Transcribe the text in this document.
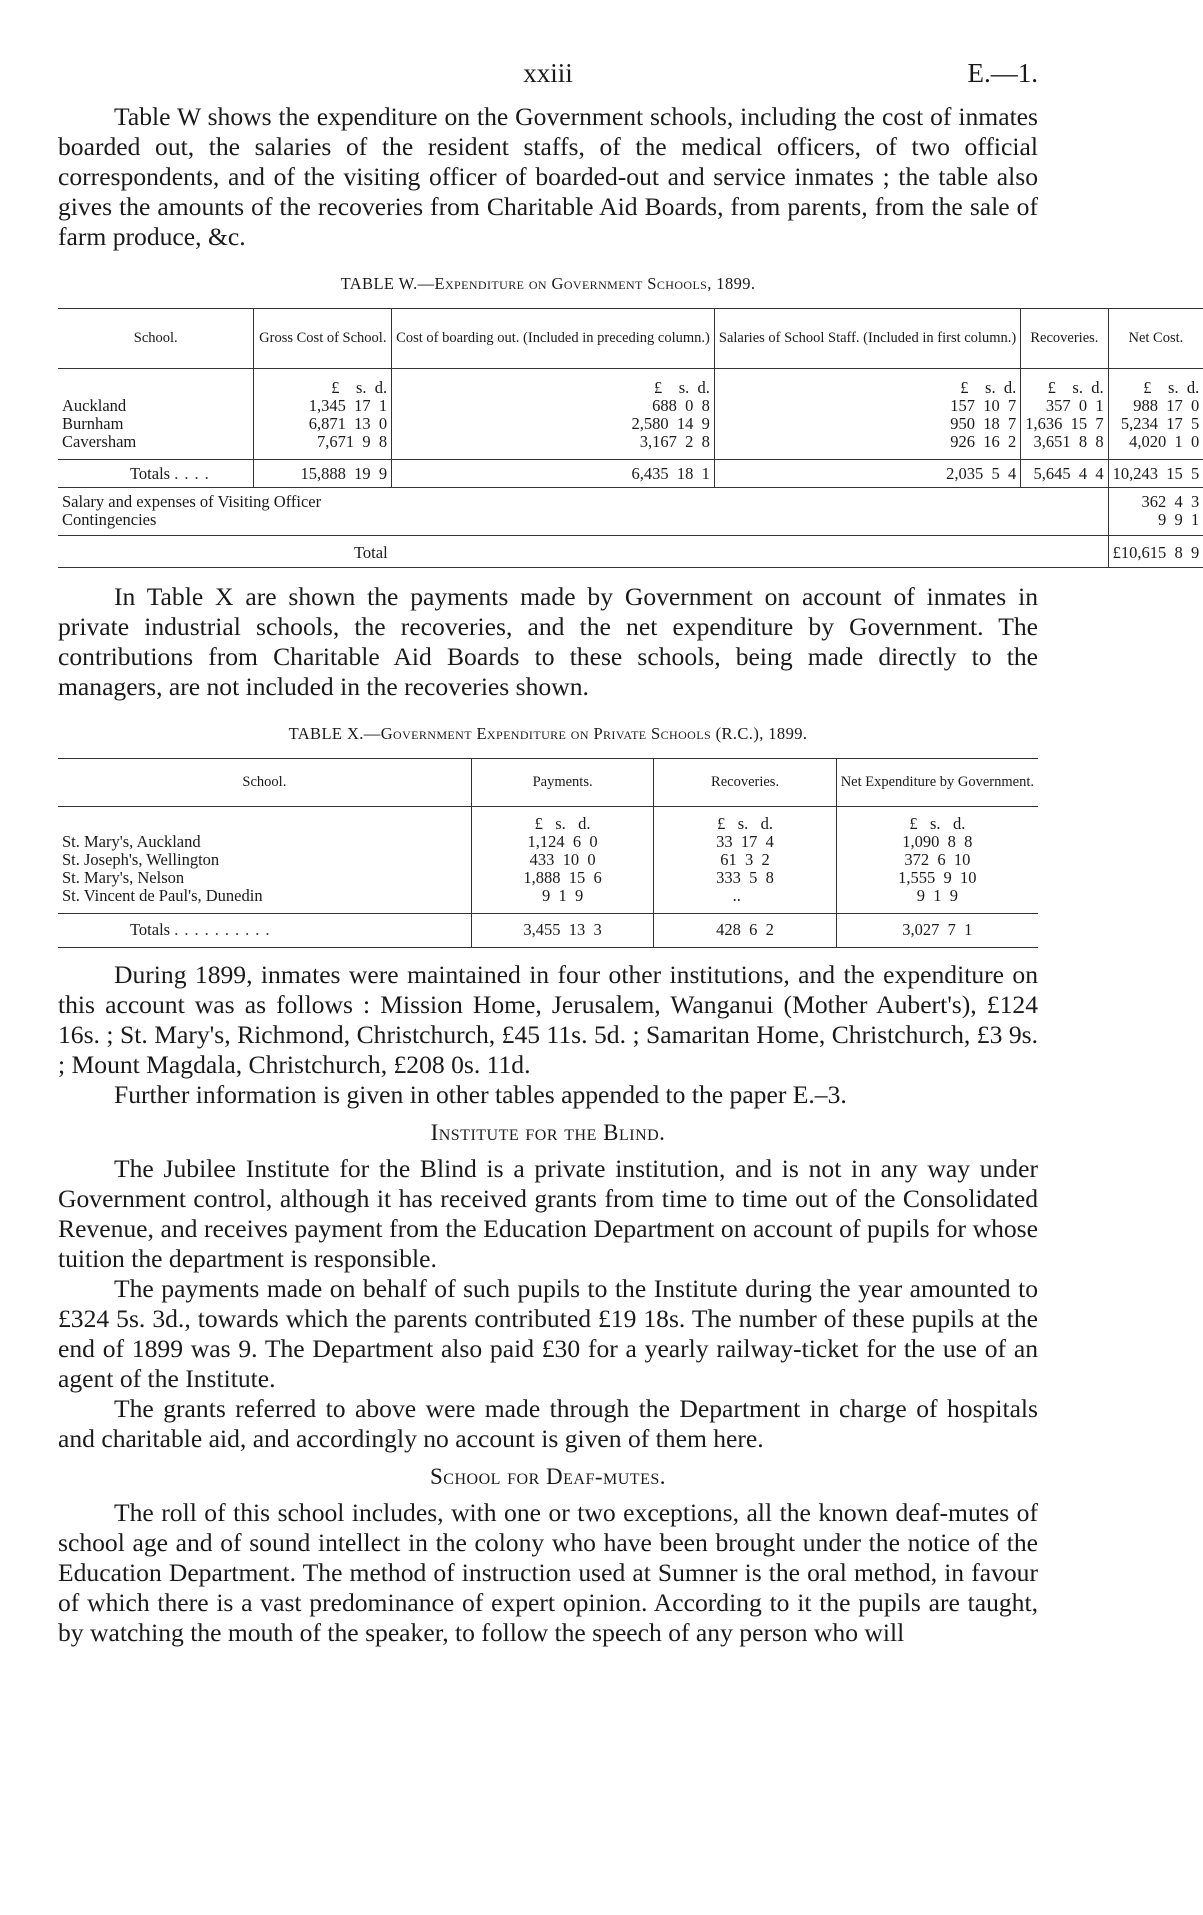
xxiii	E.—1.

Table W shows the expenditure on the Government schools, including the cost of inmates boarded out, the salaries of the resident staffs, of the medical officers, of two official correspondents, and of the visiting officer of boarded-out and service inmates ; the table also gives the amounts of the recoveries from Charitable Aid Boards, from parents, from the sale of farm produce, &c.

TABLE W.—Expenditure on Government Schools, 1899.
School.	Gross Cost of School.	Cost of boarding out. (Included in preceding column.)	Salaries of School Staff. (Included in first column.)	Recoveries.	Net Cost.
	£ s. d.	£ s. d.	£ s. d.	£ s. d.	£ s. d.
Auckland	1,345 17 1	688 0 8	157 10 7	357 0 1	988 17 0
Burnham	6,871 13 0	2,580 14 9	950 18 7	1,636 15 7	5,234 17 5
Caversham	7,671 9 8	3,167 2 8	926 16 2	3,651 8 8	4,020 1 0
Totals ....	15,888 19 9	6,435 18 1	2,035 5 4	5,645 4 4	10,243 15 5
Salary and expenses of Visiting Officer					362 4 3
Contingencies					9 9 1
Total					£10,615 8 9

In Table X are shown the payments made by Government on account of inmates in private industrial schools, the recoveries, and the net expenditure by Government. The contributions from Charitable Aid Boards to these schools, being made directly to the managers, are not included in the recoveries shown.

TABLE X.—Government Expenditure on Private Schools (R.C.), 1899.
School.	Payments.	Recoveries.	Net Expenditure by Government.
	£ s. d.	£ s. d.	£ s. d.
St. Mary's, Auckland	1,124 6 0	33 17 4	1,090 8 8
St. Joseph's, Wellington	433 10 0	61 3 2	372 6 10
St. Mary's, Nelson	1,888 15 6	333 5 8	1,555 9 10
St. Vincent de Paul's, Dunedin	9 1 9	..	9 1 9
Totals ..........	3,455 13 3	428 6 2	3,027 7 1

During 1899, inmates were maintained in four other institutions, and the expenditure on this account was as follows : Mission Home, Jerusalem, Wanganui (Mother Aubert's), £124 16s. ; St. Mary's, Richmond, Christchurch, £45 11s. 5d. ; Samaritan Home, Christchurch, £3 9s. ; Mount Magdala, Christchurch, £208 0s. 11d.

Further information is given in other tables appended to the paper E.–3.

Institute for the Blind.

The Jubilee Institute for the Blind is a private institution, and is not in any way under Government control, although it has received grants from time to time out of the Consolidated Revenue, and receives payment from the Education Department on account of pupils for whose tuition the department is responsible.

The payments made on behalf of such pupils to the Institute during the year amounted to £324 5s. 3d., towards which the parents contributed £19 18s. The number of these pupils at the end of 1899 was 9. The Department also paid £30 for a yearly railway-ticket for the use of an agent of the Institute.

The grants referred to above were made through the Department in charge of hospitals and charitable aid, and accordingly no account is given of them here.

School for Deaf-mutes.

The roll of this school includes, with one or two exceptions, all the known deaf-mutes of school age and of sound intellect in the colony who have been brought under the notice of the Education Department. The method of instruction used at Sumner is the oral method, in favour of which there is a vast predominance of expert opinion. According to it the pupils are taught, by watching the mouth of the speaker, to follow the speech of any person who will
